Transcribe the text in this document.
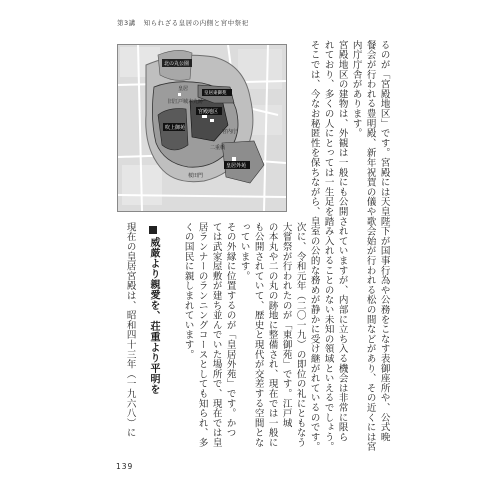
第3講 知られざる皇居の内側と宮中祭祀
北の丸公園
皇居
吹上御苑
宮殿地区
皇居東御苑
皇居外苑
宮内庁
旧江戸城本丸跡
二重橋
桜田門	るのが「宮殿地区」です。宮殿には天皇陛下が国事行為や公務をこなす表御座所や、公式晩
餐会が行われる豊明殿、新年祝賀の儀や歌会始が行われる松の間などがあり、その近くには宮
内庁庁舎があります。
宮殿地区の建物は、外観は一般にも公開されていますが、内部に立ち入る機会は非常に限ら
れており、多くの人にとっては一生足を踏み入れることのない未知の領域といえるでしょう。
そこでは、今なお秘匿性を保ちながら、皇室の公的な務めが静かに受け継がれているのです。
次に、令和元年（二〇一九）の即位の礼にともなう
大嘗祭が行われたのが「東御苑」です。江戸城
の本丸や二の丸の跡地に整備され、現在では一般に
も公開されていて、歴史と現代が交差する空間とな
っています。
その外縁に位置するのが「皇居外苑」です。かつ
ては武家屋敷が建ち並んでいた場所で、現在では皇
居ランナーのランニングコースとしても知られ、多
くの国民に親しまれています。
威厳より親愛を、荘重より平明を
現在の皇居宮殿は、昭和四十三年（一九六八）に
139
